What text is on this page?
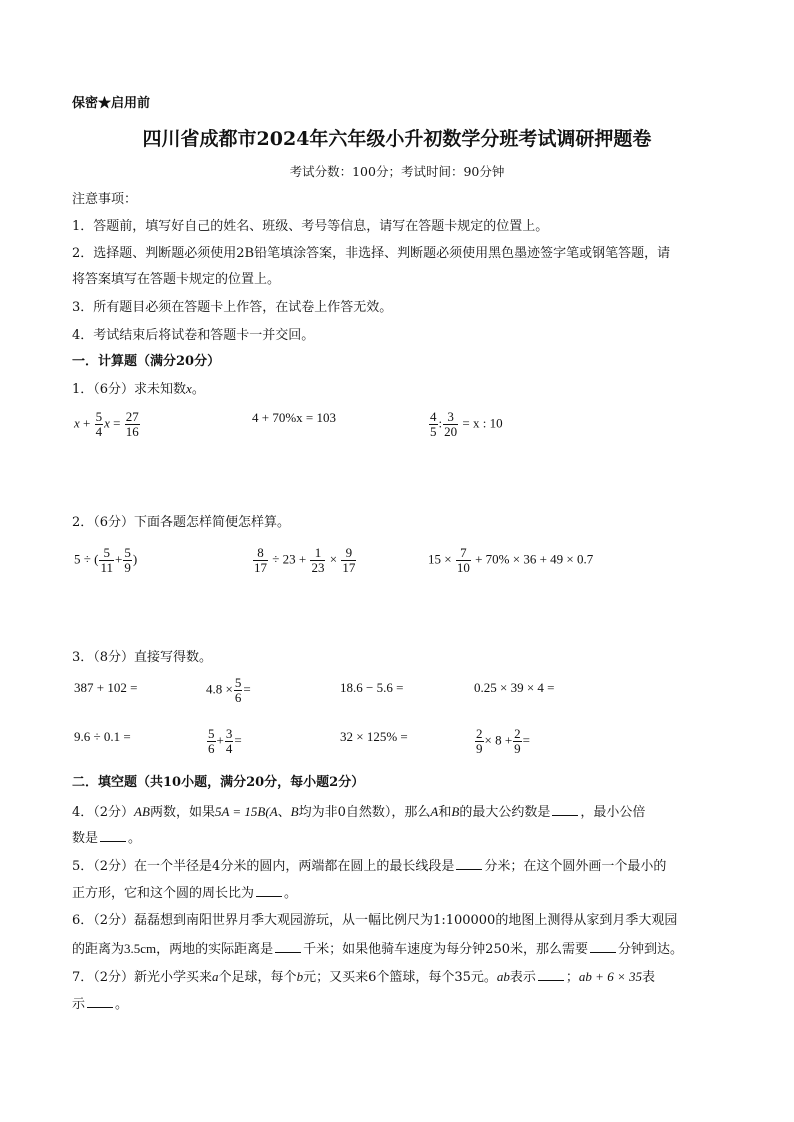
保密★启用前
四川省成都市2024年六年级小升初数学分班考试调研押题卷
考试分数：100分；考试时间：90分钟
注意事项：
1．答题前，填写好自己的姓名、班级、考号等信息，请写在答题卡规定的位置上。
2．选择题、判断题必须使用2B铅笔填涂答案，非选择、判断题必须使用黑色墨迹签字笔或钢笔答题，请
将答案填写在答题卡规定的位置上。
3．所有题目必须在答题卡上作答，在试卷上作答无效。
4．考试结束后将试卷和答题卡一并交回。
一．计算题（满分20分）
1．（6分）求未知数x。
$x + \frac{5}{4}$ $x = \frac{27}{16}$	4 + 70%x = 103	$\frac{4}{5}$ : $\frac{3}{20} = x$ : 10
2．（6分）下面各题怎样简便怎样算。
5 ÷ ( $\frac{5}{11} + \frac{5}{9}$ )	$\frac{8}{17} \div 23 + \frac{1}{23} \times \frac{9}{17}$	$15 \times \frac{7}{10} + 70\% \times 36 + 49 \times 0.7$
3．（8分）直接写得数。
387 + 102 =	$4.8 \times \frac{5}{6}$ =	18.6 − 5.6 =	0.25 × 39 × 4 =
9.6 ÷ 0.1 =	$\frac{5}{6} + \frac{3}{4}$ =	32 × 125% =	$\frac{2}{9} \times 8 + \frac{2}{9}$ =
二．填空题（共10小题，满分20分，每小题2分）
4．（2分）AB两数，如果5A = 15B(A、B均为非0自然数），那么A和B的最大公约数是 ，最小公倍
数是 。
5．（2分）在一个半径是4分米的圆内，两端都在圆上的最长线段是 分米；在这个圆外画一个最小的
正方形，它和这个圆的周长比为 。
6．（2分）磊磊想到南阳世界月季大观园游玩，从一幅比例尺为1:100000的地图上测得从家到月季大观园
的距离为3.5cm，两地的实际距离是 千米；如果他骑车速度为每分钟250米，那么需要 分钟到达。
7．（2分）新光小学买来a个足球，每个b元；又买来6个篮球，每个35元。ab表示 ；ab + 6 × 35表
示 。
